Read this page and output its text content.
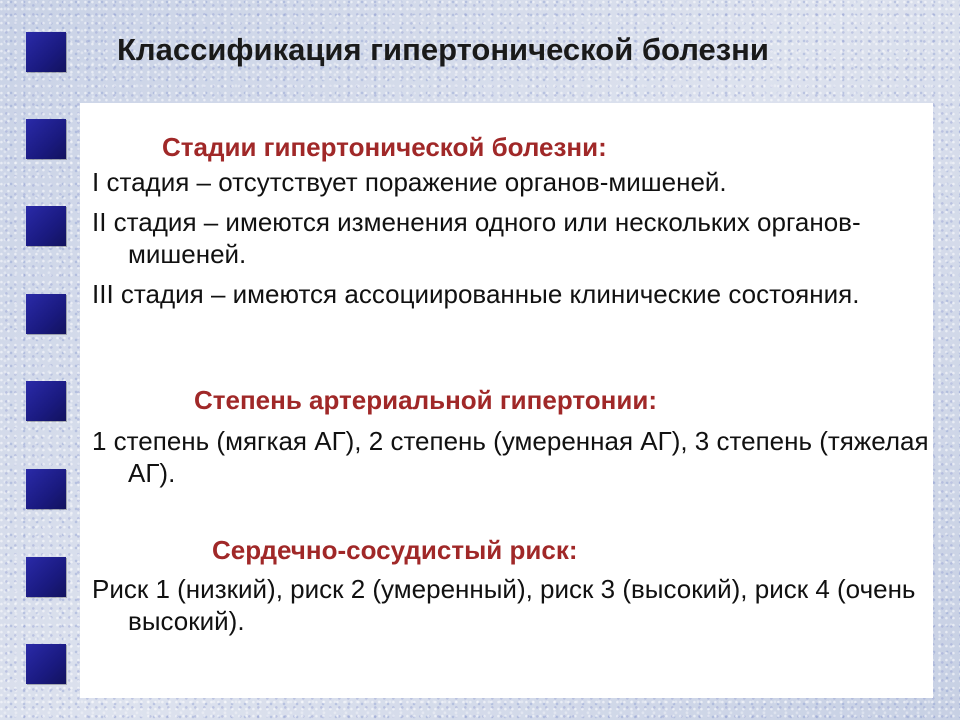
Классификация гипертонической болезни
Стадии гипертонической болезни:

I стадия – отсутствует поражение органов-мишеней.

II стадия – имеются изменения одного или нескольких органов-мишеней.

III стадия – имеются ассоциированные клинические состояния.

Степень артериальной гипертонии:

1 степень (мягкая АГ), 2 степень (умеренная АГ), 3 степень (тяжелая АГ).

Сердечно-сосудистый риск:

Риск 1 (низкий), риск 2 (умеренный), риск 3 (высокий), риск 4 (очень высокий).
